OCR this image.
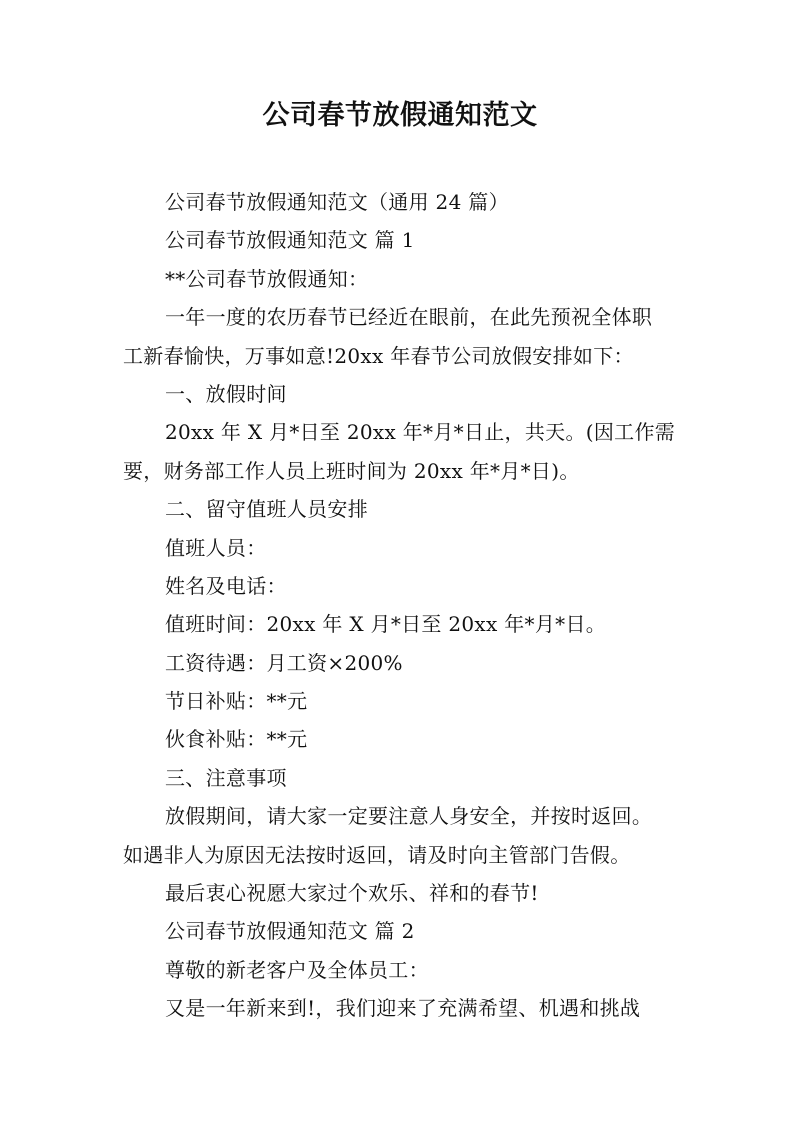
公司春节放假通知范文
公司春节放假通知范文（通用 24 篇）
公司春节放假通知范文 篇 1
**公司春节放假通知：
一年一度的农历春节已经近在眼前，在此先预祝全体职
工新春愉快，万事如意!20xx 年春节公司放假安排如下：
一、放假时间
20xx 年 X 月*日至 20xx 年*月*日止，共天。(因工作需
要，财务部工作人员上班时间为 20xx 年*月*日)。
二、留守值班人员安排
值班人员：
姓名及电话：
值班时间：20xx 年 X 月*日至 20xx 年*月*日。
工资待遇：月工资×200%
节日补贴：**元
伙食补贴：**元
三、注意事项
放假期间，请大家一定要注意人身安全，并按时返回。
如遇非人为原因无法按时返回，请及时向主管部门告假。
最后衷心祝愿大家过个欢乐、祥和的春节!
公司春节放假通知范文 篇 2
尊敬的新老客户及全体员工：
又是一年新来到!，我们迎来了充满希望、机遇和挑战
